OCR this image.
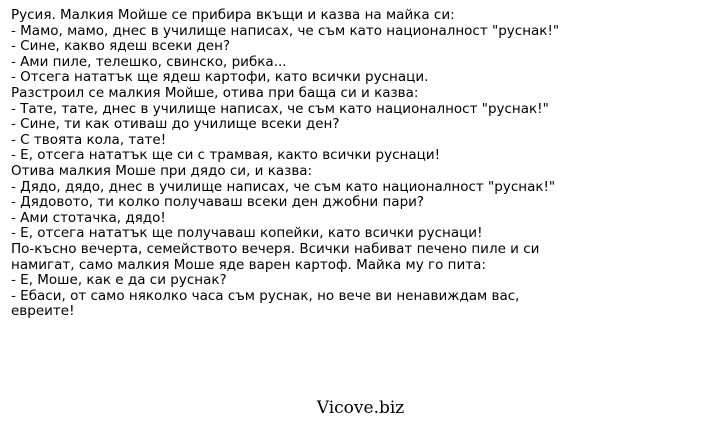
Русия. Малкия Мойше се прибира вкъщи и казва на майка си:
- Мамо, мамо, днес в училище написах, че съм като националност "руснак!"
- Сине, какво ядеш всеки ден?
- Ами пиле, телешко, свинско, рибка...
- Отсега нататък ще ядеш картофи, като всички руснаци.
Разстроил се малкия Мойше, отива при баща си и казва:
- Тате, тате, днес в училище написах, че съм като националност "руснак!"
- Сине, ти как отиваш до училище всеки ден?
- С твоята кола, тате!
- Е, отсега нататък ще си с трамвая, както всички руснаци!
Отива малкия Моше при дядо си, и казва:
- Дядо, дядо, днес в училище написах, че съм като националност "руснак!"
- Дядовото, ти колко получаваш всеки ден джобни пари?
- Ами стотачка, дядо!
- Е, отсега нататък ще получаваш копейки, като всички руснаци!
По-късно вечерта, семейството вечеря. Всички набиват печено пиле и си намигат, само малкия Моше яде варен картоф. Майка му го пита:
- Е, Моше, как е да си руснак?
- Ебаси, от само няколко часа съм руснак, но вече ви ненавиждам вас, евреите!
Vicove.biz
